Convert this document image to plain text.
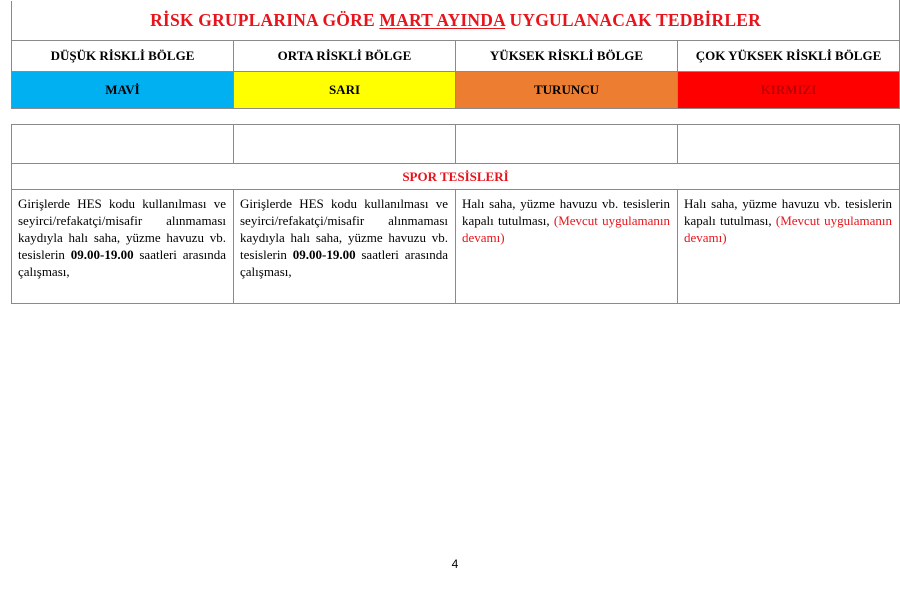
RİSK GRUPLARINA GÖRE MART AYINDA UYGULANACAK TEDBİRLER			
DÜŞÜK RİSKLİ BÖLGE	ORTA RİSKLİ BÖLGE	YÜKSEK RİSKLİ BÖLGE	ÇOK YÜKSEK RİSKLİ BÖLGE
MAVİ	SARI	TURUNCU	KIRMIZI

SPOR TESİSLERİ			
Girişlerde HES kodu kullanılması ve seyirci/refakatçi/misafir alınmaması kaydıyla halı saha, yüzme havuzu vb. tesislerin 09.00-19.00 saatleri arasında çalışması,	Girişlerde HES kodu kullanılması ve seyirci/refakatçi/misafir alınmaması kaydıyla halı saha, yüzme havuzu vb. tesislerin 09.00-19.00 saatleri arasında çalışması,	Halı saha, yüzme havuzu vb. tesislerin kapalı tutulması, (Mevcut uygulamanın devamı)	Halı saha, yüzme havuzu vb. tesislerin kapalı tutulması, (Mevcut uygulamanın devamı)
4
